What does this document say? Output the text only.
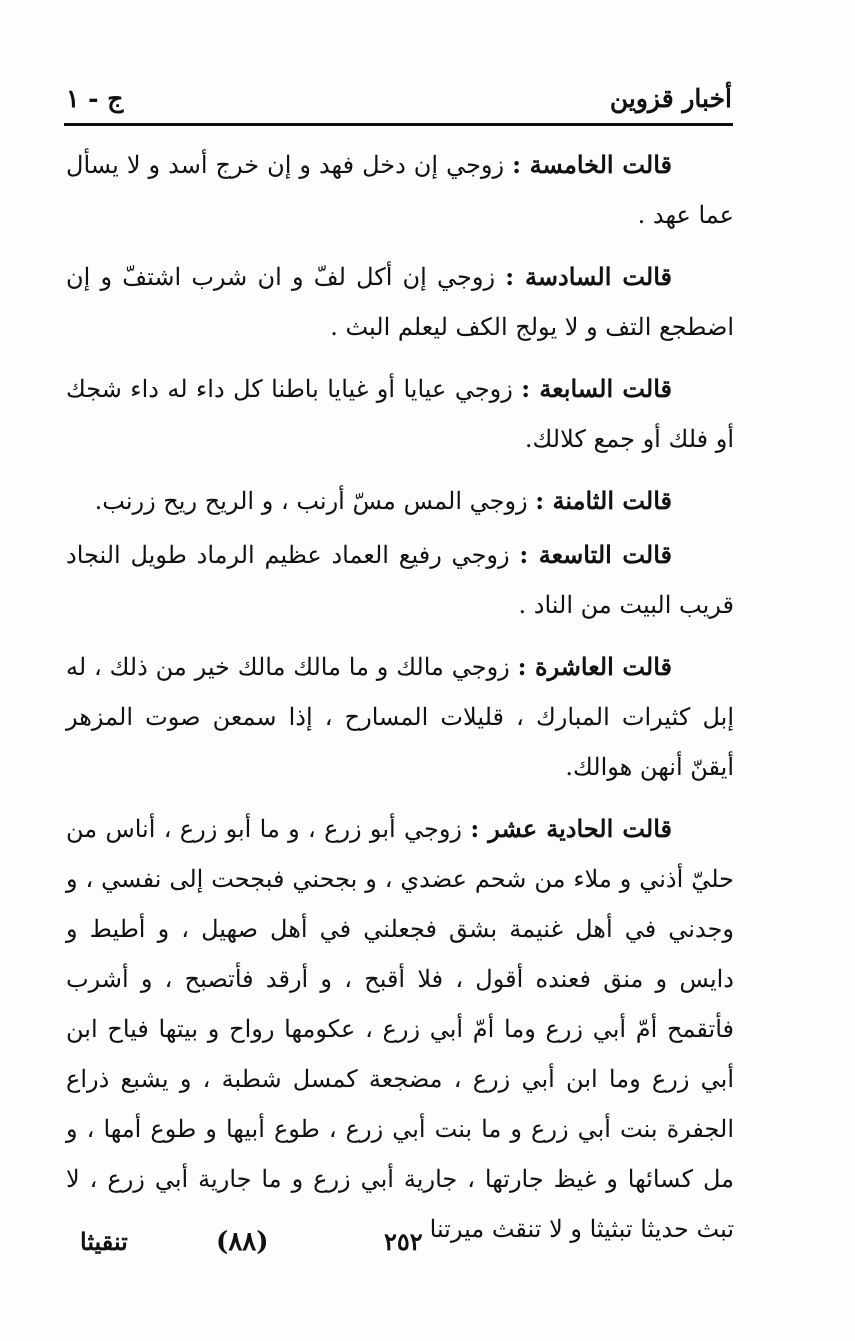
أخبار قزوين
ج - ١

قالت الخامسة : زوجي إن دخل فهد و إن خرج أسد و لا يسأل عما عهد .

قالت السادسة : زوجي إن أكل لفّ و ان شرب اشتفّ و إن اضطجع التف و لا يولج الكف ليعلم البث .

قالت السابعة : زوجي عيايا أو غيايا باطنا كل داء له داء شجك أو فلك أو جمع كلالك.

قالت الثامنة : زوجي المس مسّ أرنب ، و الريح ريح زرنب.

قالت التاسعة : زوجي رفيع العماد عظيم الرماد طويل النجاد قريب البيت من الناد .

قالت العاشرة : زوجي مالك و ما مالك مالك خير من ذلك ، له إبل كثيرات المبارك ، قليلات المسارح ، إذا سمعن صوت المزهر أيقنّ أنهن هوالك.

قالت الحادية عشر : زوجي أبو زرع ، و ما أبو زرع ، أناس من حليّ أذني و ملاء من شحم عضدي ، و بجحني فبجحت إلى نفسي ، و وجدني في أهل غنيمة بشق فجعلني في أهل صهيل ، و أطيط و دايس و منق فعنده أقول ، فلا أقبح ، و أرقد فأتصبح ، و أشرب فأتقمح أمّ أبي زرع وما أمّ أبي زرع ، عكومها رواح و بيتها فياح ابن أبي زرع وما ابن أبي زرع ، مضجعة كمسل شطبة ، و يشبع ذراع الجفرة بنت أبي زرع و ما بنت أبي زرع ، طوع أبيها و طوع أمها ، و مل كسائها و غيظ جارتها ، جارية أبي زرع و ما جارية أبي زرع ، لا تبث حديثا تبثيثا و لا تنقث ميرتنا

٢٥٢
(٨٨)
تنقيثا
